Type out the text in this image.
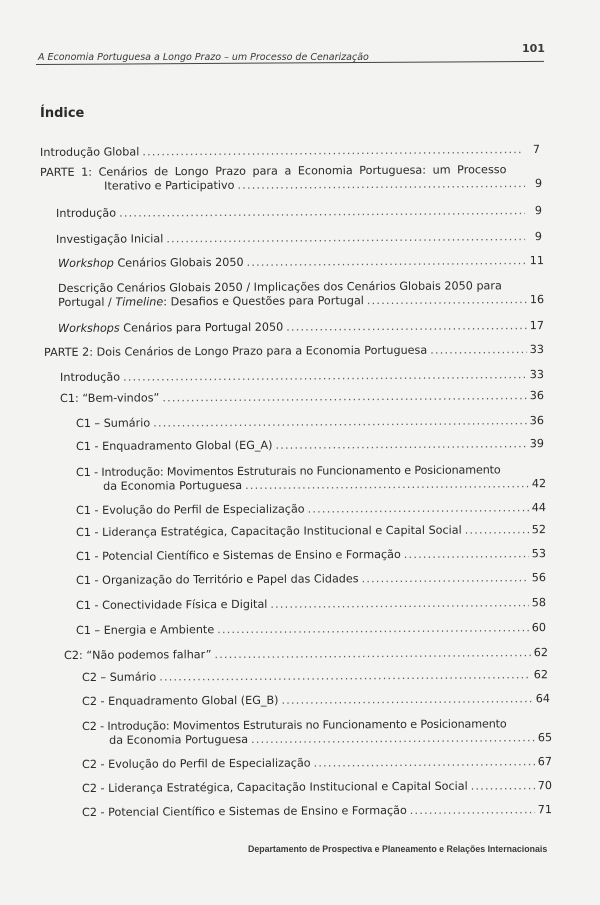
A Economia Portuguesa a Longo Prazo – um Processo de Cenarização
101
Índice
Introdução Global .....	7
PARTE 1: Cenários de Longo Prazo para a Economia Portuguesa: um Processo
Iterativo e Participativo .....	9
Introdução .....	9
Investigação Inicial .....	9
Workshop Cenários Globais 2050 .....	11
Descrição Cenários Globais 2050 / Implicações dos Cenários Globais 2050 para
Portugal / Timeline: Desafios e Questões para Portugal .....	16
Workshops Cenários para Portugal 2050 .....	17
PARTE 2: Dois Cenários de Longo Prazo para a Economia Portuguesa .....	33
Introdução .....	33
C1: “Bem-vindos” .....	36
C1 – Sumário .....	36
C1 - Enquadramento Global (EG_A) .....	39
C1 - Introdução: Movimentos Estruturais no Funcionamento e Posicionamento
da Economia Portuguesa .....	42
C1 - Evolução do Perfil de Especialização .....	44
C1 - Liderança Estratégica, Capacitação Institucional e Capital Social .....	52
C1 - Potencial Científico e Sistemas de Ensino e Formação .....	53
C1 - Organização do Território e Papel das Cidades .....	56
C1 - Conectividade Física e Digital .....	58
C1 – Energia e Ambiente .....	60
C2: “Não podemos falhar” .....	62
C2 – Sumário .....	62
C2 - Enquadramento Global (EG_B) .....	64
C2 - Introdução: Movimentos Estruturais no Funcionamento e Posicionamento
da Economia Portuguesa .....	65
C2 - Evolução do Perfil de Especialização .....	67
C2 - Liderança Estratégica, Capacitação Institucional e Capital Social .....	70
C2 - Potencial Científico e Sistemas de Ensino e Formação .....	71
Departamento de Prospectiva e Planeamento e Relações Internacionais
